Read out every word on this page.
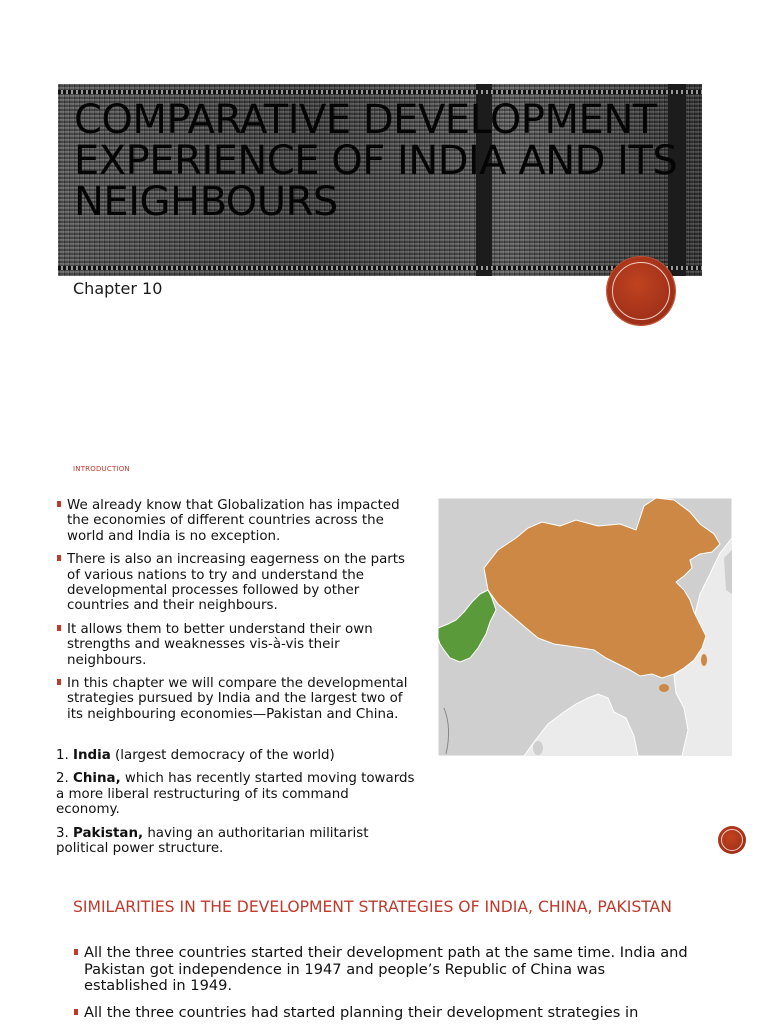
COMPARATIVE DEVELOPMENT EXPERIENCE OF INDIA AND ITS NEIGHBOURS
Chapter 10
INTRODUCTION
We already know that Globalization has impacted the economies of different countries across the world and India is no exception.
There is also an increasing eagerness on the parts of various nations to try and understand the developmental processes followed by other countries and their neighbours.
It allows them to better understand their own strengths and weaknesses vis-à-vis their neighbours.
In this chapter we will compare the developmental strategies pursued by India and the largest two of its neighbouring economies—Pakistan and China.
1. India (largest democracy of the world)
2. China, which has recently started moving towards a more liberal restructuring of its command economy.
3. Pakistan, having an authoritarian militarist political power structure.
SIMILARITIES IN THE DEVELOPMENT STRATEGIES OF INDIA, CHINA, PAKISTAN
All the three countries started their development path at the same time. India and Pakistan got independence in 1947 and people’s Republic of China was established in 1949.
All the three countries had started planning their development strategies in
